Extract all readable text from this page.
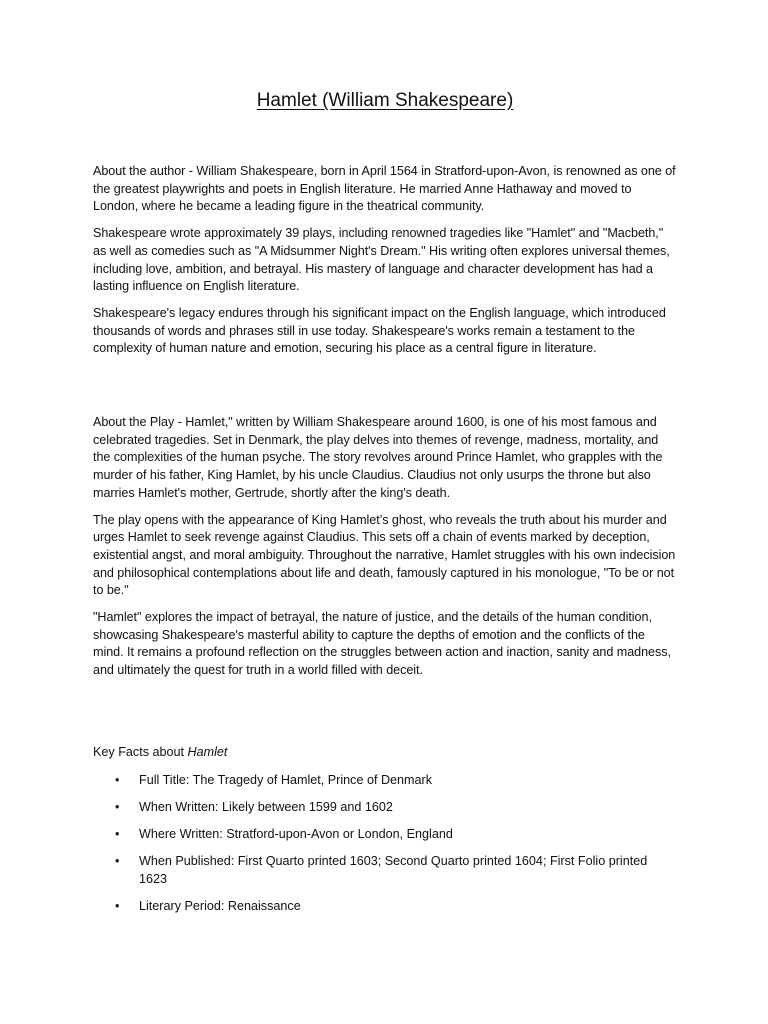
Hamlet (William Shakespeare)

About the author - William Shakespeare, born in April 1564 in Stratford-upon-Avon, is renowned as one of the greatest playwrights and poets in English literature. He married Anne Hathaway and moved to London, where he became a leading figure in the theatrical community.

Shakespeare wrote approximately 39 plays, including renowned tragedies like "Hamlet" and "Macbeth," as well as comedies such as "A Midsummer Night's Dream." His writing often explores universal themes, including love, ambition, and betrayal. His mastery of language and character development has had a lasting influence on English literature.

Shakespeare's legacy endures through his significant impact on the English language, which introduced thousands of words and phrases still in use today. Shakespeare's works remain a testament to the complexity of human nature and emotion, securing his place as a central figure in literature.

About the Play - Hamlet," written by William Shakespeare around 1600, is one of his most famous and celebrated tragedies. Set in Denmark, the play delves into themes of revenge, madness, mortality, and the complexities of the human psyche. The story revolves around Prince Hamlet, who grapples with the murder of his father, King Hamlet, by his uncle Claudius. Claudius not only usurps the throne but also marries Hamlet's mother, Gertrude, shortly after the king's death.

The play opens with the appearance of King Hamlet’s ghost, who reveals the truth about his murder and urges Hamlet to seek revenge against Claudius. This sets off a chain of events marked by deception, existential angst, and moral ambiguity. Throughout the narrative, Hamlet struggles with his own indecision and philosophical contemplations about life and death, famously captured in his monologue, "To be or not to be."

"Hamlet" explores the impact of betrayal, the nature of justice, and the details of the human condition, showcasing Shakespeare's masterful ability to capture the depths of emotion and the conflicts of the mind. It remains a profound reflection on the struggles between action and inaction, sanity and madness, and ultimately the quest for truth in a world filled with deceit.

Key Facts about Hamlet
• Full Title: The Tragedy of Hamlet, Prince of Denmark
• When Written: Likely between 1599 and 1602
• Where Written: Stratford-upon-Avon or London, England
• When Published: First Quarto printed 1603; Second Quarto printed 1604; First Folio printed 1623
• Literary Period: Renaissance
